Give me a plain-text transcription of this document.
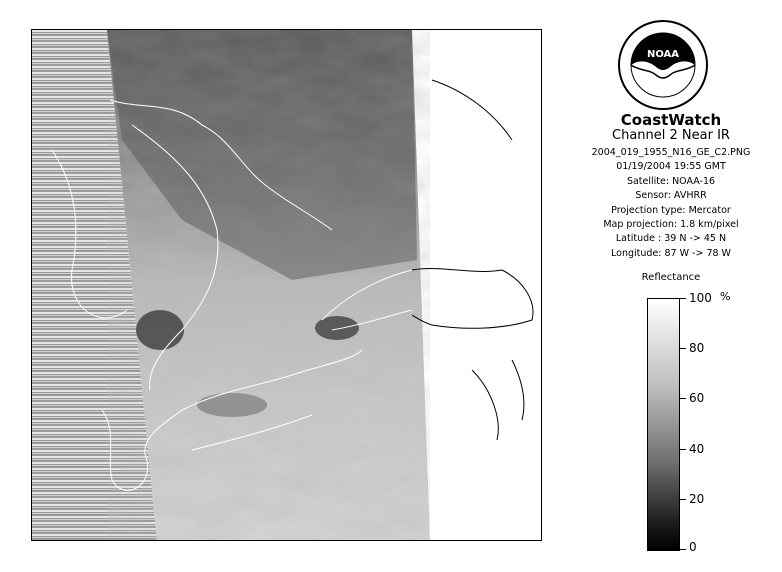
NOAA
CoastWatch
Channel 2 Near IR
2004_019_1955_N16_GE_C2.PNG
01/19/2004 19:55 GMT
Satellite: NOAA-16
Sensor: AVHRR
Projection type: Mercator
Map projection: 1.8 km/pixel
Latitude : 39 N -> 45 N
Longitude: 87 W -> 78 W
Reflectance
%
100
80
60
40
20
0
